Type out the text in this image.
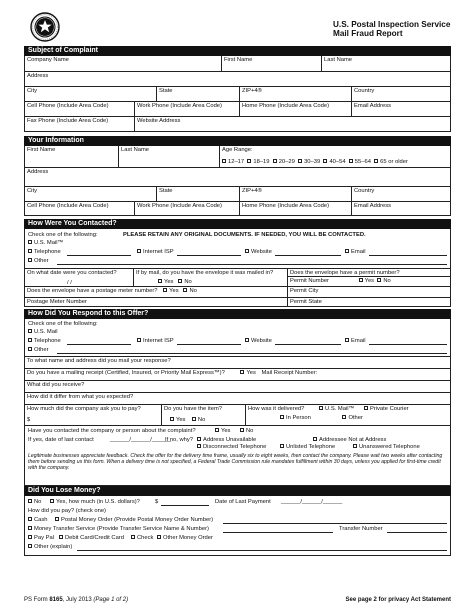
U.S. Postal Inspection Service
Mail Fraud Report
Subject of Complaint
Company Name	First Name	Last Name
Address
City	State	ZIP+4®	Country
Cell Phone (Include Area Code)	Work Phone (Include Area Code)	Home Phone (Include Area Code)	Email Address
Fax Phone (Include Area Code)	Website Address
Your Information
First Name	Last Name	Age Range:
12–17 18–19 20–29 30–39 40–54 55–64 65 or older
Address
City	State	ZIP+4®	Country
Cell Phone (Include Area Code)	Work Phone (Include Area Code)	Home Phone (Include Area Code)	Email Address
How Were You Contacted?
Check one of the following:	PLEASE RETAIN ANY ORIGINAL DOCUMENTS. IF NEEDED, YOU WILL BE CONTACTED.
U.S. Mail™
Telephone	Internet ISP	Website	Email
Other
On what date were you contacted?
/ /
If by mail, do you have the envelope it was mailed in?
Yes No
Does the envelope have a permit number?
Permit Number	Yes No
Does the envelope have a postage meter number? Yes No
Postage Meter Number
Permit City
Permit State
How Did You Respond to this Offer?
Check one of the following:
U.S. Mail
Telephone	Internet ISP	Website	Email
Other
To what name and address did you mail your response?
Do you have a mailing receipt (Certified, Insured, or Priority Mail Express™)?	Yes Mail Receipt Number:
What did you receive?
How did it differ from what you expected?
How much did the company ask you to pay?
$
Do you have the item?
Yes No
How was it delivered?	U.S. Mail™	Private Courier
In Person	Other
Have you contacted the company or person about the complaint?	Yes	No
If yes, date of last contact	______/______/______
If no, why?	Address Unavailable	Addressee Not at Address
Disconnected Telephone	Unlisted Telephone	Unanswered Telephone
Legitimate businesses appreciate feedback. Check the offer for the delivery time frame, usually six to eight weeks, then contact the company. Please wait two weeks after contacting them before sending us this form. When a delivery time is not specified, a Federal Trade Commission rule mandates fulfillment within 30 days, unless you applied for first-time credit with the company.
Did You Lose Money?
No	Yes, how much (in U.S. dollars)?	$	Date of Last Payment ______/______/______
How did you pay? (check one)
Cash	Postal Money Order (Provide Postal Money Order Number)
Money Transfer Service (Provide Transfer Service Name & Number)	Transfer Number
Pay Pal	Debit Card/Credit Card	Check	Other Money Order
Other (explain)
PS Form 8165, July 2013 (Page 1 of 2)	See page 2 for privacy Act Statement
